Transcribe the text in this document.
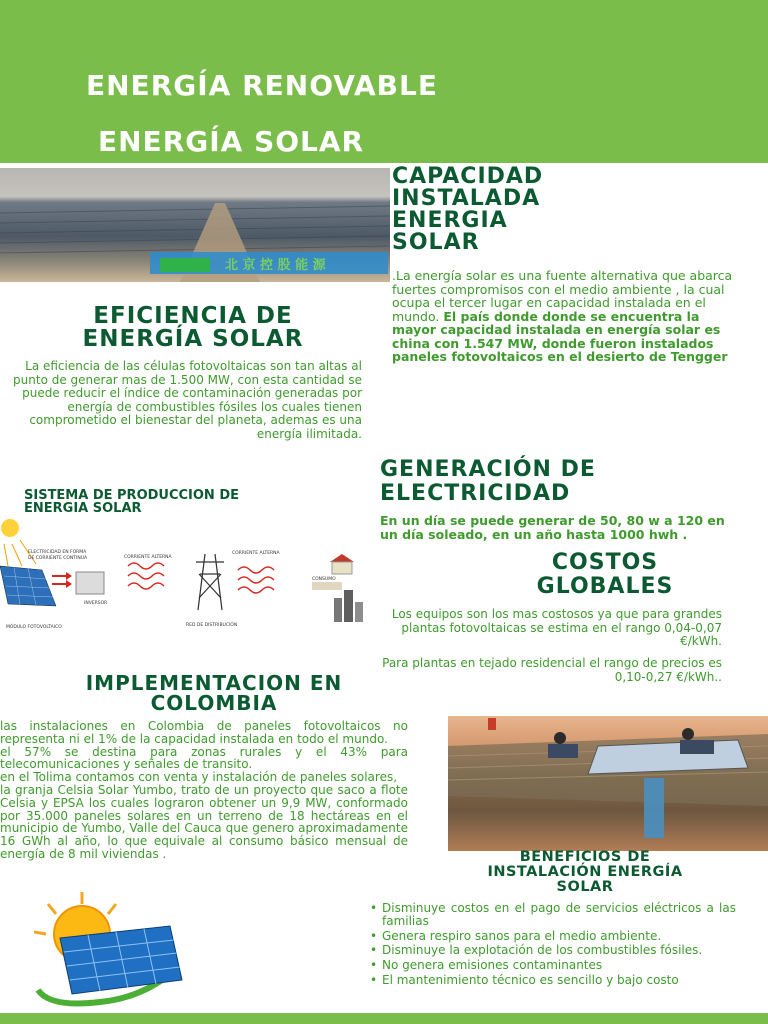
ENERGÍA RENOVABLE

ENERGÍA SOLAR

北 京 控 股 能 源
CAPACIDAD
INSTALADA
ENERGIA
SOLAR
.La energía solar es una fuente alternativa que abarca fuertes compromisos con el medio ambiente , la cual ocupa el tercer lugar en capacidad instalada en el mundo. El país donde donde se encuentra la mayor capacidad instalada en energía solar es china con 1.547 MW, donde fueron instalados paneles fotovoltaicos en el desierto de Tengger
EFICIENCIA DE
ENERGÍA SOLAR
La eficiencia de las células fotovoltaicas son tan altas al punto de generar mas de 1.500 MW, con esta cantidad se puede reducir el índice de contaminación generadas por energía de combustibles fósiles los cuales tienen comprometido el bienestar del planeta, ademas es una energía ilimitada.
GENERACIÓN DE
ELECTRICIDAD
En un día se puede generar de 50, 80 w a 120 en un día soleado, en un año hasta 1000 hwh .
SISTEMA DE PRODUCCION DE
ENERGIA SOLAR
ELECTRICIDAD EN FORMA
DE CORRIENTE CONTINUA	CORRIENTE ALTERNA
CORRIENTE ALTERNA
INVERSOR
CONSUMO
MÓDULO FOTOVOLTAICO	RED DE DISTRIBUCIÓN
COSTOS
GLOBALES
Los equipos son los mas costosos ya que para grandes plantas fotovoltaicas se estima en el rango 0,04-0,07 €/kWh.
Para plantas en tejado residencial el rango de precios es 0,10-0,27 €/kWh..
IMPLEMENTACION EN
COLOMBIA
las instalaciones en Colombia de paneles fotovoltaicos no representa ni el 1% de la capacidad instalada en todo el mundo.
el 57% se destina para zonas rurales y el 43% para telecomunicaciones y señales de transito.
en el Tolima contamos con venta y instalación de paneles solares,
la granja Celsia Solar Yumbo, trato de un proyecto que saco a flote Celsia y EPSA los cuales lograron obtener un 9,9 MW, conformado por 35.000 paneles solares en un terreno de 18 hectáreas en el municipio de Yumbo, Valle del Cauca que genero aproximadamente 16 GWh al año, lo que equivale al consumo básico mensual de energía de 8 mil viviendas .	BENEFICIOS DE
INSTALACIÓN ENERGÍA
SOLAR
• Disminuye costos en el pago de servicios eléctricos a las familias
• Genera respiro sanos para el medio ambiente.
• Disminuye la explotación de los combustibles fósiles.
• No genera emisiones contaminantes
• El mantenimiento técnico es sencillo y bajo costo
